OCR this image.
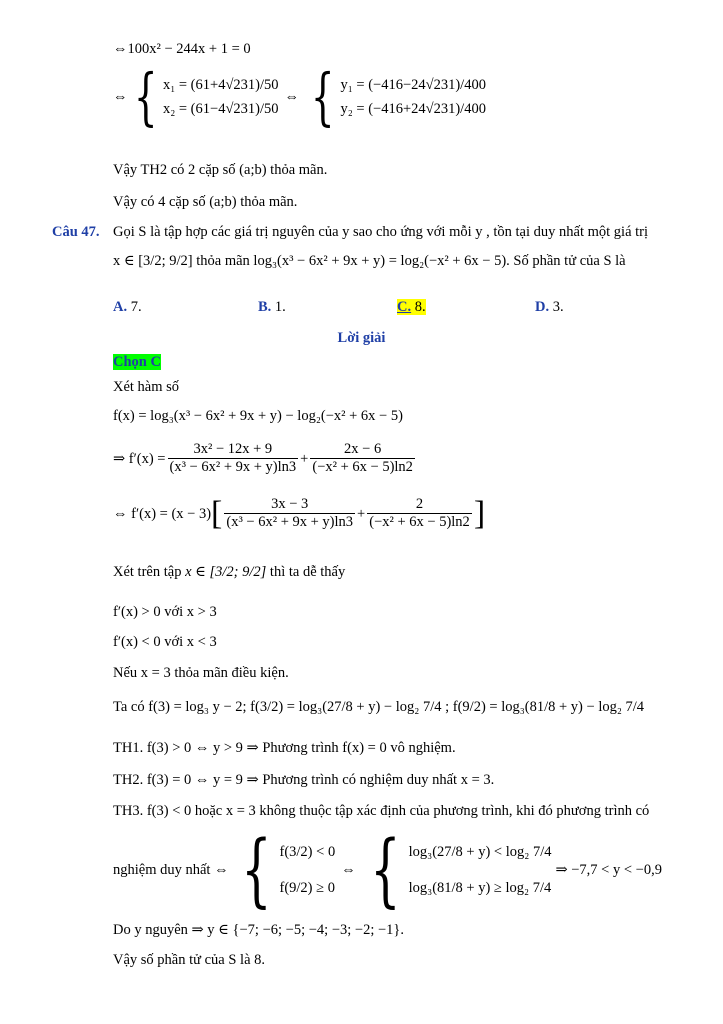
⇔100x² − 244x + 1 = 0
⇔ { x₁ = (61+4√231)/50
x₂ = (61−4√231)/50
⇔ { y₁ = (−416−24√231)/400
y₂ = (−416+24√231)/400
Vậy TH2 có 2 cặp số (a;b) thỏa mãn.
Vậy có 4 cặp số (a;b) thỏa mãn.
Câu 47. Gọi S là tập hợp các giá trị nguyên của y sao cho ứng với mỗi y , tồn tại duy nhất một giá trị
x ∈ [3/2; 9/2] thỏa mãn log₃(x³ − 6x² + 9x + y) = log₂(−x² + 6x − 5). Số phần tử của S là
A. 7.	B. 1.	C. 8.	D. 3.
Lời giải
Chọn C
Xét hàm số
f(x) = log₃(x³ − 6x² + 9x + y) − log₂(−x² + 6x − 5)
⇒ $f'(x) = \frac{\text{3x² − 12x + 9}}{\text{(x³ − 6x² + 9x + y)ln3}} + \frac{2x - 6}{\text{(−x² + 6x − 5)ln2}}$
⇔ f′(x) = (x − 3) [	3x − 3
(x³ − 6x² + 9x + y)ln3
+ $\frac{2}{\text{(−x² + 6x − 5)ln2}}$ ]
Xét trên tập x ∈ [3/2; 9/2] thì ta dễ thấy
f′(x) > 0 với x > 3
f′(x) < 0 với x < 3
Nếu x = 3 thỏa mãn điều kiện.
Ta có f(3) = log₃ y − 2; f(3/2) = log₃(27/8 + y) − log₂ 7/4 ; f(9/2) = log₃(81/8 + y) − log₂ 7/4
TH1. f(3) > 0 ⇔ y > 9 ⇒ Phương trình f(x) = 0 vô nghiệm.
TH2. f(3) = 0 ⇔ y = 9 ⇒ Phương trình có nghiệm duy nhất x = 3.
TH3. f(3) < 0 hoặc x = 3 không thuộc tập xác định của phương trình, khi đó phương trình có
nghiệm duy nhất ⇔ { f(3/2) < 0
f(9/2) ≥ 0
⇔ { log₃(27/8 + y) < log₂ 7/4
log₃(81/8 + y) ≥ log₂ 7/4
⇒ −7,7 < y < −0,9
Do y nguyên ⇒ y ∈ {−7; −6; −5; −4; −3; −2; −1}.
Vậy số phần tử của S là 8.
